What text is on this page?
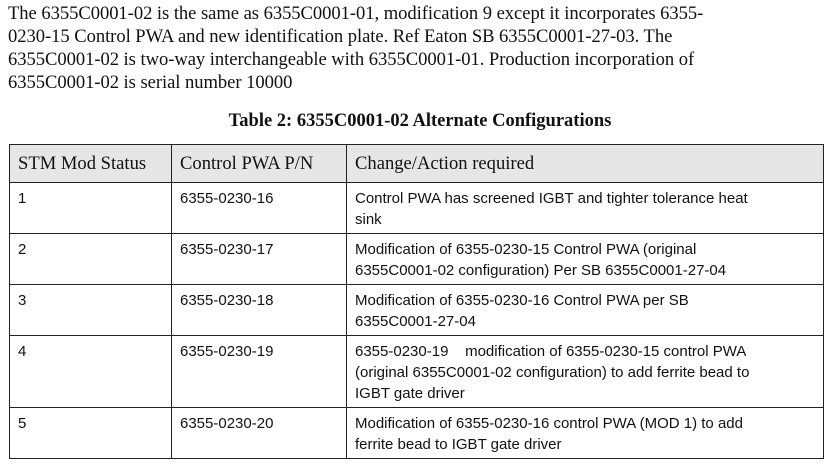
The 6355C0001-02 is the same as 6355C0001-01, modification 9 except it incorporates 6355-
0230-15 Control PWA and new identification plate. Ref Eaton SB 6355C0001-27-03. The
6355C0001-02 is two-way interchangeable with 6355C0001-01. Production incorporation of
6355C0001-02 is serial number 10000

Table 2: 6355C0001-02 Alternate Configurations
STM Mod Status	Control PWA P/N	Change/Action required
1	6355-0230-16	Control PWA has screened IGBT and tighter tolerance heat
sink

2	6355-0230-17	Modification of 6355-0230-15 Control PWA (original
6355C0001-02 configuration) Per SB 6355C0001-27-04

3	6355-0230-18	Modification of 6355-0230-16 Control PWA per SB
6355C0001-27-04

4	6355-0230-19	6355-0230-19    modification of 6355-0230-15 control PWA
(original 6355C0001-02 configuration) to add ferrite bead to
IGBT gate driver

5	6355-0230-20	Modification of 6355-0230-16 control PWA (MOD 1) to add
ferrite bead to IGBT gate driver
